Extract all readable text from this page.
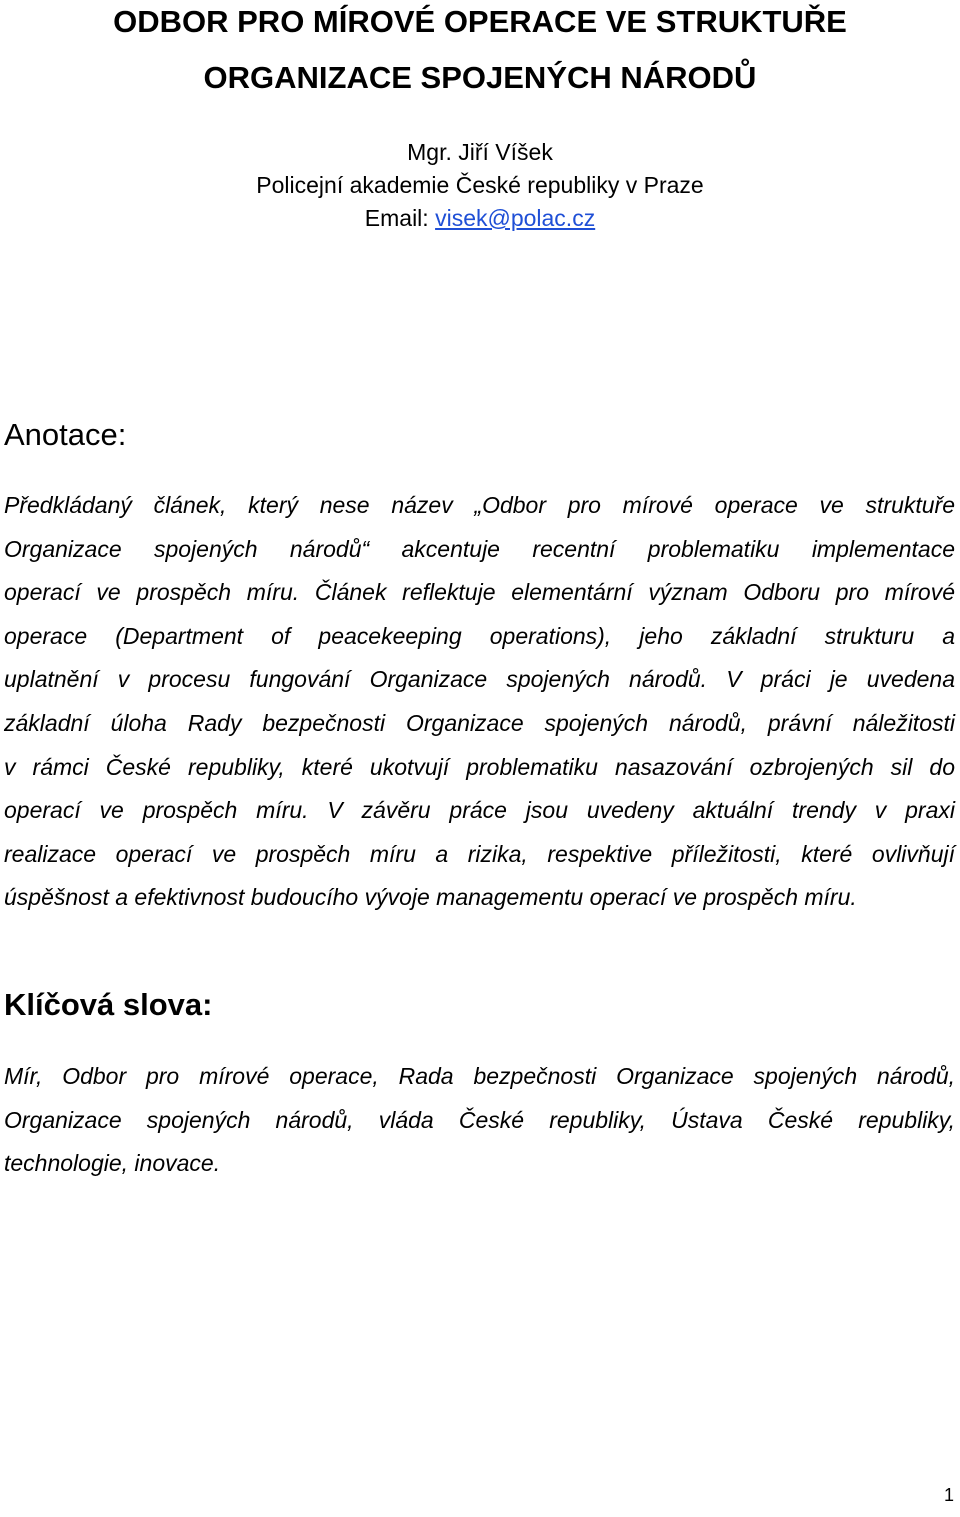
ODBOR PRO MÍROVÉ OPERACE VE STRUKTUŘE
ORGANIZACE SPOJENÝCH NÁRODŮ
Mgr. Jiří Víšek
Policejní akademie České republiky v Praze
Email: visek@polac.cz
Anotace:
Předkládaný článek, který nese název „Odbor pro mírové operace ve struktuře
Organizace spojených národů“ akcentuje recentní problematiku implementace
operací ve prospěch míru. Článek reflektuje elementární význam Odboru pro mírové
operace (Department of peacekeeping operations), jeho základní strukturu a
uplatnění v procesu fungování Organizace spojených národů. V práci je uvedena
základní úloha Rady bezpečnosti Organizace spojených národů, právní náležitosti
v rámci České republiky, které ukotvují problematiku nasazování ozbrojených sil do
operací ve prospěch míru. V závěru práce jsou uvedeny aktuální trendy v praxi
realizace operací ve prospěch míru a rizika, respektive příležitosti, které ovlivňují
úspěšnost a efektivnost budoucího vývoje managementu operací ve prospěch míru.
Klíčová slova:
Mír, Odbor pro mírové operace, Rada bezpečnosti Organizace spojených národů,
Organizace spojených národů, vláda České republiky, Ústava České republiky,
technologie, inovace.
1
